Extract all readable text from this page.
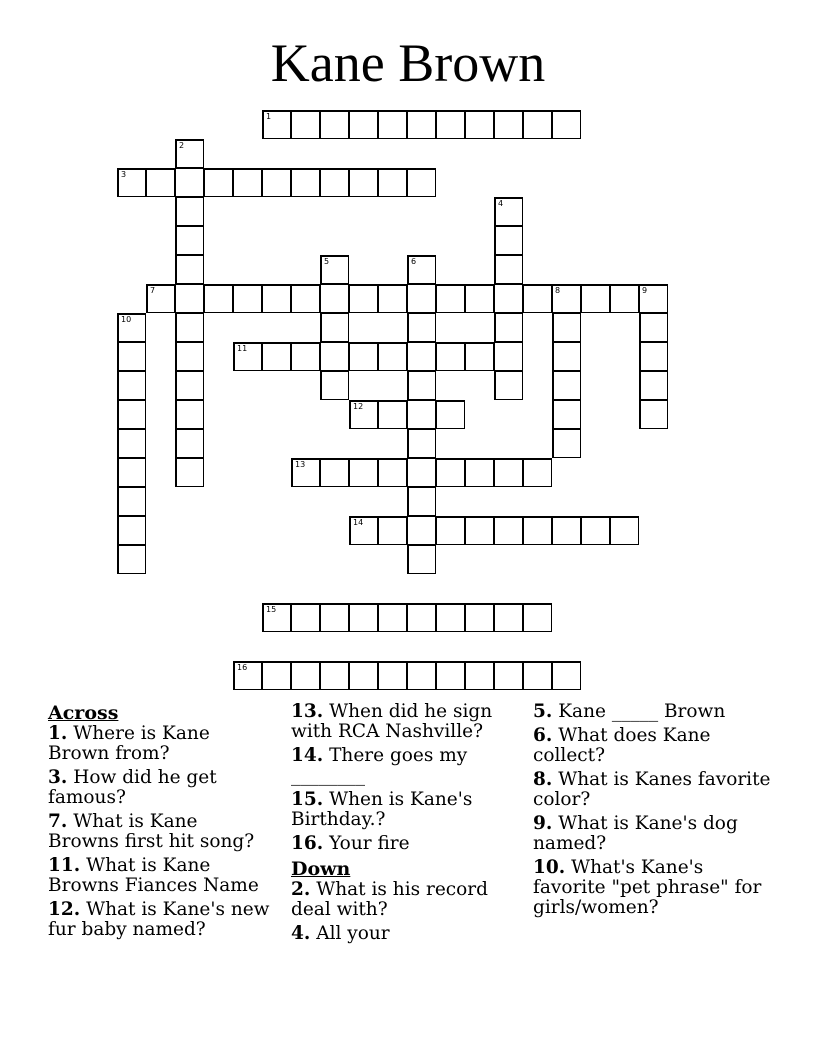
Kane Brown
1
2
3
4
5	6
7	8	9
10
11
12
13
14
15
16
Across
1. Where is Kane Brown from?
3. How did he get famous?
7. What is Kane Browns first hit song?
11. What is Kane Browns Fiances Name
12. What is Kane's new fur baby named?
13. When did he sign with RCA Nashville?
14. There goes my ________
15. When is Kane's Birthday.?
16. Your fire
Down
2. What is his record deal with?
4. All your
5. Kane _____ Brown
6. What does Kane collect?
8. What is Kanes favorite color?
9. What is Kane's dog named?
10. What's Kane's favorite "pet phrase" for girls/women?
